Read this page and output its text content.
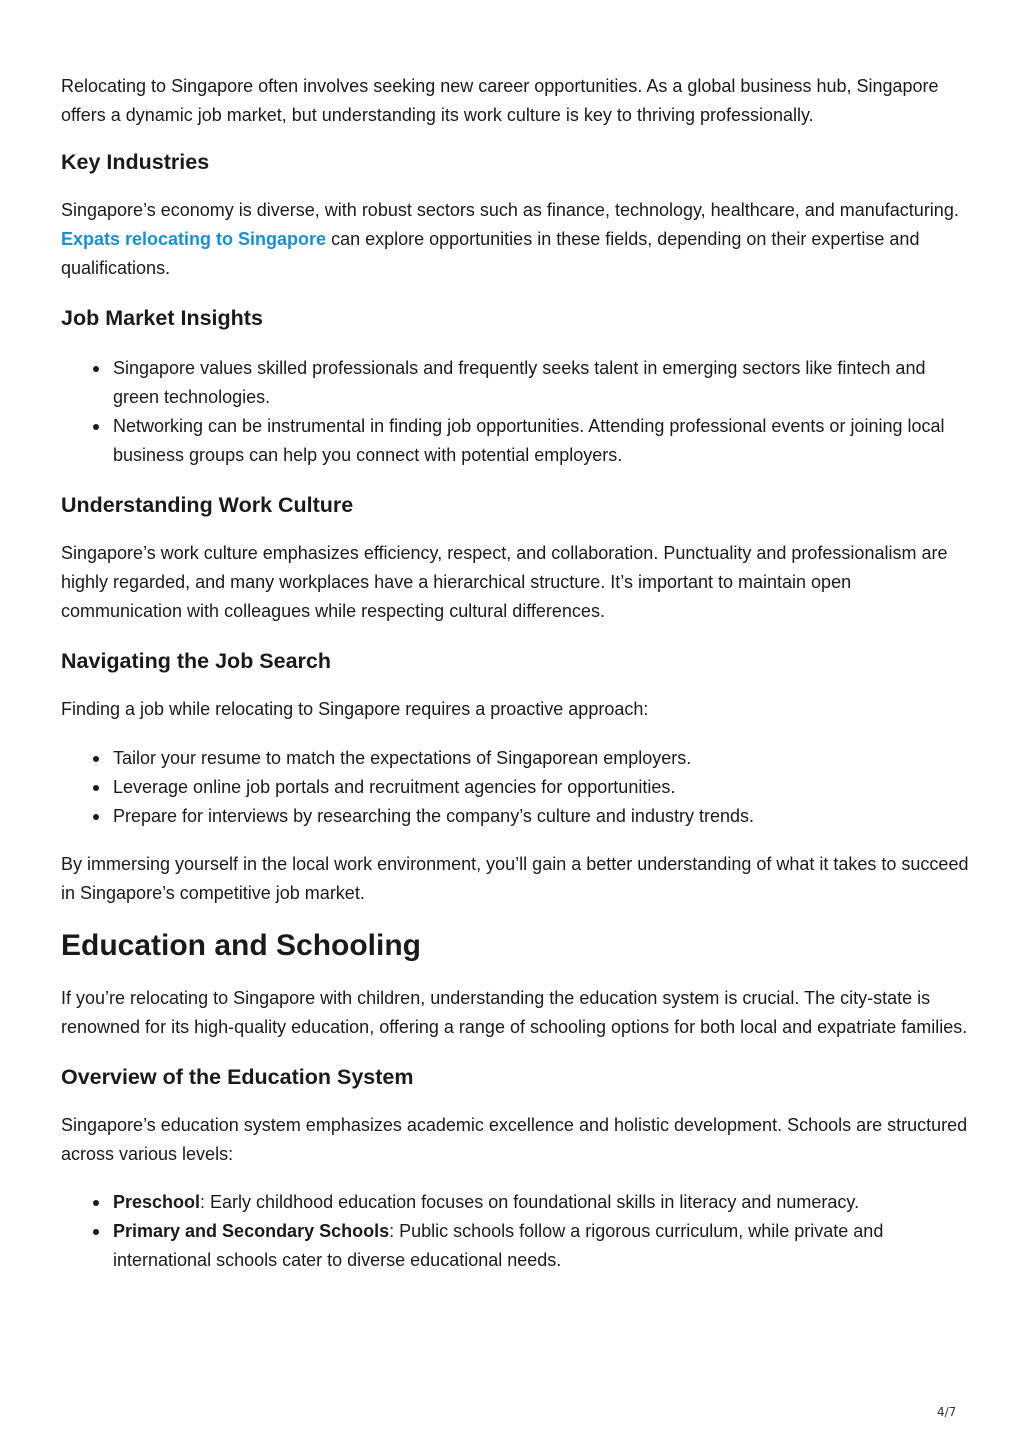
Relocating to Singapore often involves seeking new career opportunities. As a global business hub, Singapore offers a dynamic job market, but understanding its work culture is key to thriving professionally.

Key Industries

Singapore’s economy is diverse, with robust sectors such as finance, technology, healthcare, and manufacturing. Expats relocating to Singapore can explore opportunities in these fields, depending on their expertise and qualifications.

Job Market Insights
Singapore values skilled professionals and frequently seeks talent in emerging sectors like fintech and green technologies.
Networking can be instrumental in finding job opportunities. Attending professional events or joining local business groups can help you connect with potential employers.
Understanding Work Culture

Singapore’s work culture emphasizes efficiency, respect, and collaboration. Punctuality and professionalism are highly regarded, and many workplaces have a hierarchical structure. It’s important to maintain open communication with colleagues while respecting cultural differences.

Navigating the Job Search

Finding a job while relocating to Singapore requires a proactive approach:

Tailor your resume to match the expectations of Singaporean employers.
Leverage online job portals and recruitment agencies for opportunities.
Prepare for interviews by researching the company’s culture and industry trends.

By immersing yourself in the local work environment, you’ll gain a better understanding of what it takes to succeed in Singapore’s competitive job market.

Education and Schooling

If you’re relocating to Singapore with children, understanding the education system is crucial. The city-state is renowned for its high-quality education, offering a range of schooling options for both local and expatriate families.

Overview of the Education System

Singapore’s education system emphasizes academic excellence and holistic development. Schools are structured across various levels:

Preschool: Early childhood education focuses on foundational skills in literacy and numeracy.
Primary and Secondary Schools: Public schools follow a rigorous curriculum, while private and international schools cater to diverse educational needs.
4/7
